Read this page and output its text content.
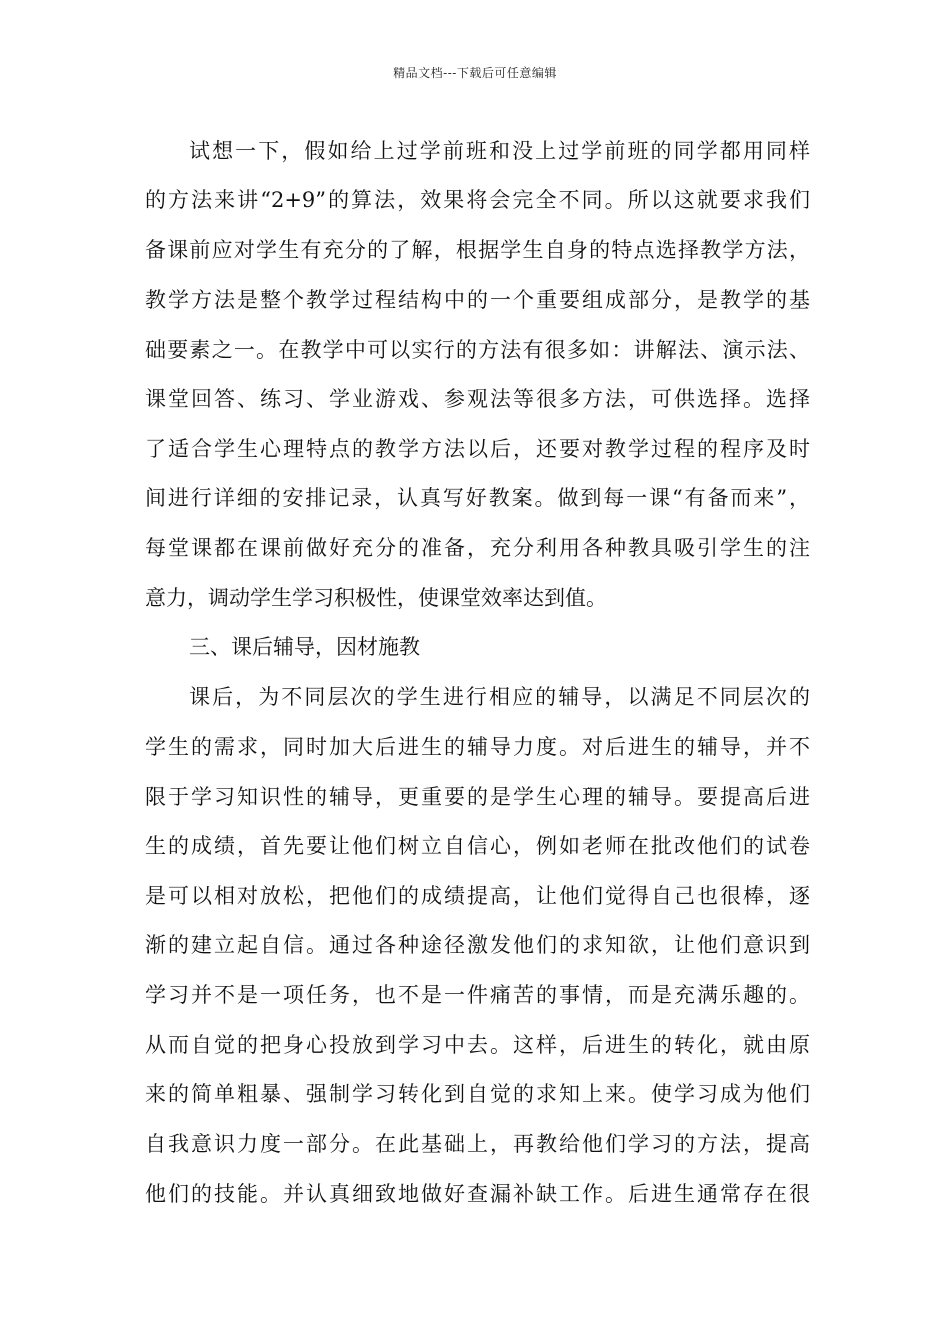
精品文档---下载后可任意编辑
试想一下，假如给上过学前班和没上过学前班的同学都用同样
的方法来讲“2+9”的算法，效果将会完全不同。所以这就要求我们
备课前应对学生有充分的了解，根据学生自身的特点选择教学方法，
教学方法是整个教学过程结构中的一个重要组成部分，是教学的基
础要素之一。在教学中可以实行的方法有很多如：讲解法、演示法、
课堂回答、练习、学业游戏、参观法等很多方法，可供选择。选择
了适合学生心理特点的教学方法以后，还要对教学过程的程序及时
间进行详细的安排记录，认真写好教案。做到每一课“有备而来”，
每堂课都在课前做好充分的准备，充分利用各种教具吸引学生的注
意力，调动学生学习积极性，使课堂效率达到值。
三、课后辅导，因材施教
课后，为不同层次的学生进行相应的辅导，以满足不同层次的
学生的需求，同时加大后进生的辅导力度。对后进生的辅导，并不
限于学习知识性的辅导，更重要的是学生心理的辅导。要提高后进
生的成绩，首先要让他们树立自信心，例如老师在批改他们的试卷
是可以相对放松，把他们的成绩提高，让他们觉得自己也很棒，逐
渐的建立起自信。通过各种途径激发他们的求知欲，让他们意识到
学习并不是一项任务，也不是一件痛苦的事情，而是充满乐趣的。
从而自觉的把身心投放到学习中去。这样，后进生的转化，就由原
来的简单粗暴、强制学习转化到自觉的求知上来。使学习成为他们
自我意识力度一部分。在此基础上，再教给他们学习的方法，提高
他们的技能。并认真细致地做好查漏补缺工作。后进生通常存在很
